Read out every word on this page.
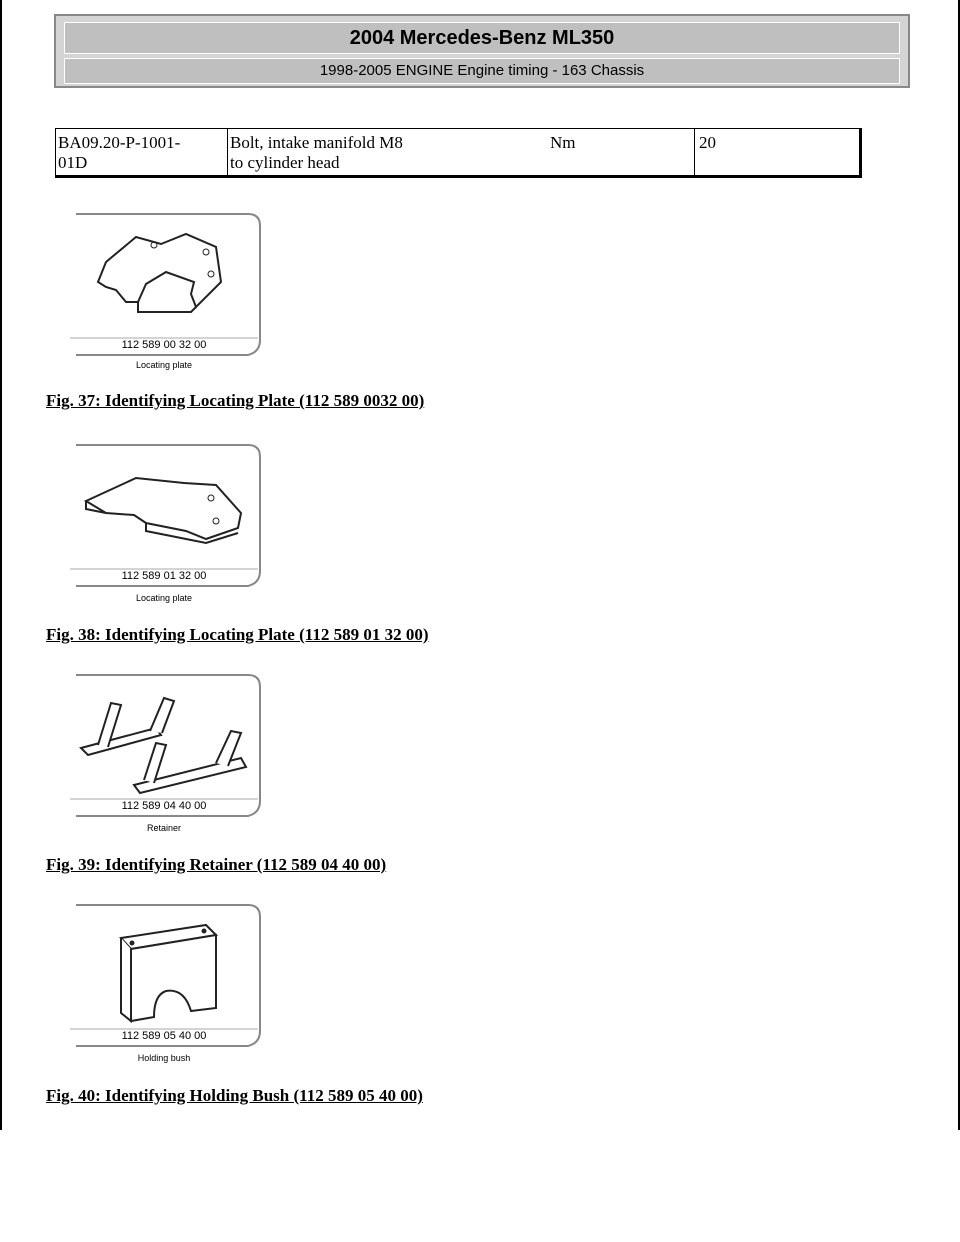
2004 Mercedes-Benz ML350
1998-2005 ENGINE Engine timing - 163 Chassis
BA09.20-P-1001-
01D
Bolt, intake manifold M8
to cylinder head
Nm	20
112 589 00 32 00
Locating plate
Fig. 37: Identifying Locating Plate (112 589 0032 00)
112 589 01 32 00
Locating plate
Fig. 38: Identifying Locating Plate (112 589 01 32 00)
112 589 04 40 00
Retainer
Fig. 39: Identifying Retainer (112 589 04 40 00)
112 589 05 40 00
Holding bush
Fig. 40: Identifying Holding Bush (112 589 05 40 00)
